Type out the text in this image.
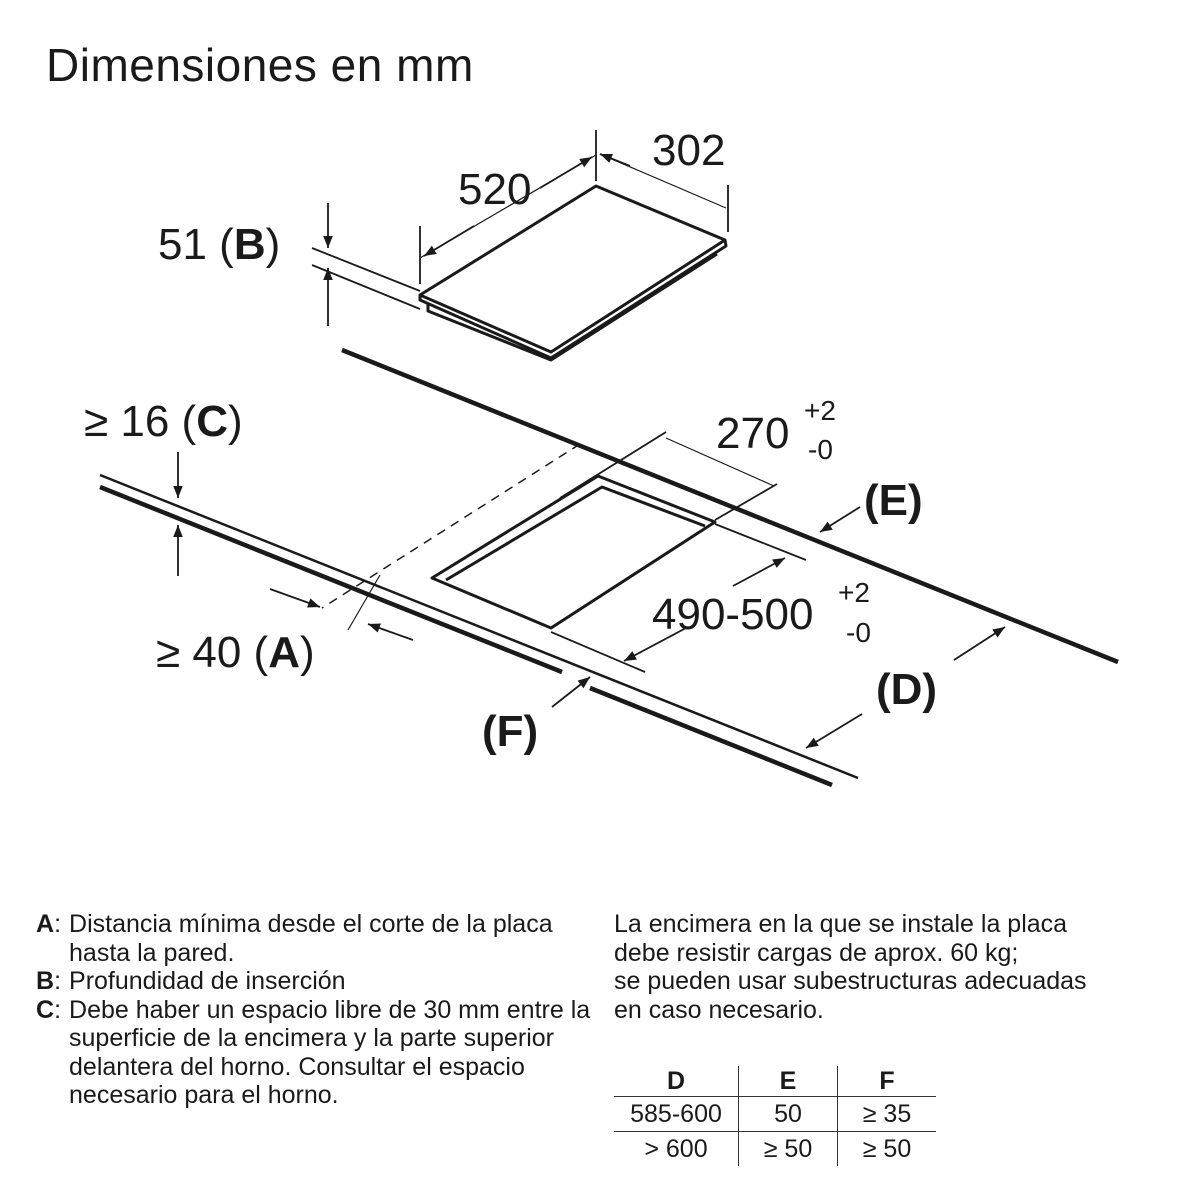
Dimensiones en mm
520
302
51 (B)
270 +2
-0
490-500 +2
-0
≥ 16 (C)
≥ 40 (A)
(E)
(D)
(F)
A : Distancia mínima desde el corte de la placa hasta la pared.
B : Profundidad de inserción
C : Debe haber un espacio libre de 30 mm entre la superficie de la encimera y la parte superior delantera del horno. Consultar el espacio necesario para el horno.
La encimera en la que se instale la placa
debe resistir cargas de aprox. 60 kg;
se pueden usar subestructuras adecuadas
en caso necesario.
D	E	F
585-600	50	≥ 35
> 600	≥ 50	≥ 50
